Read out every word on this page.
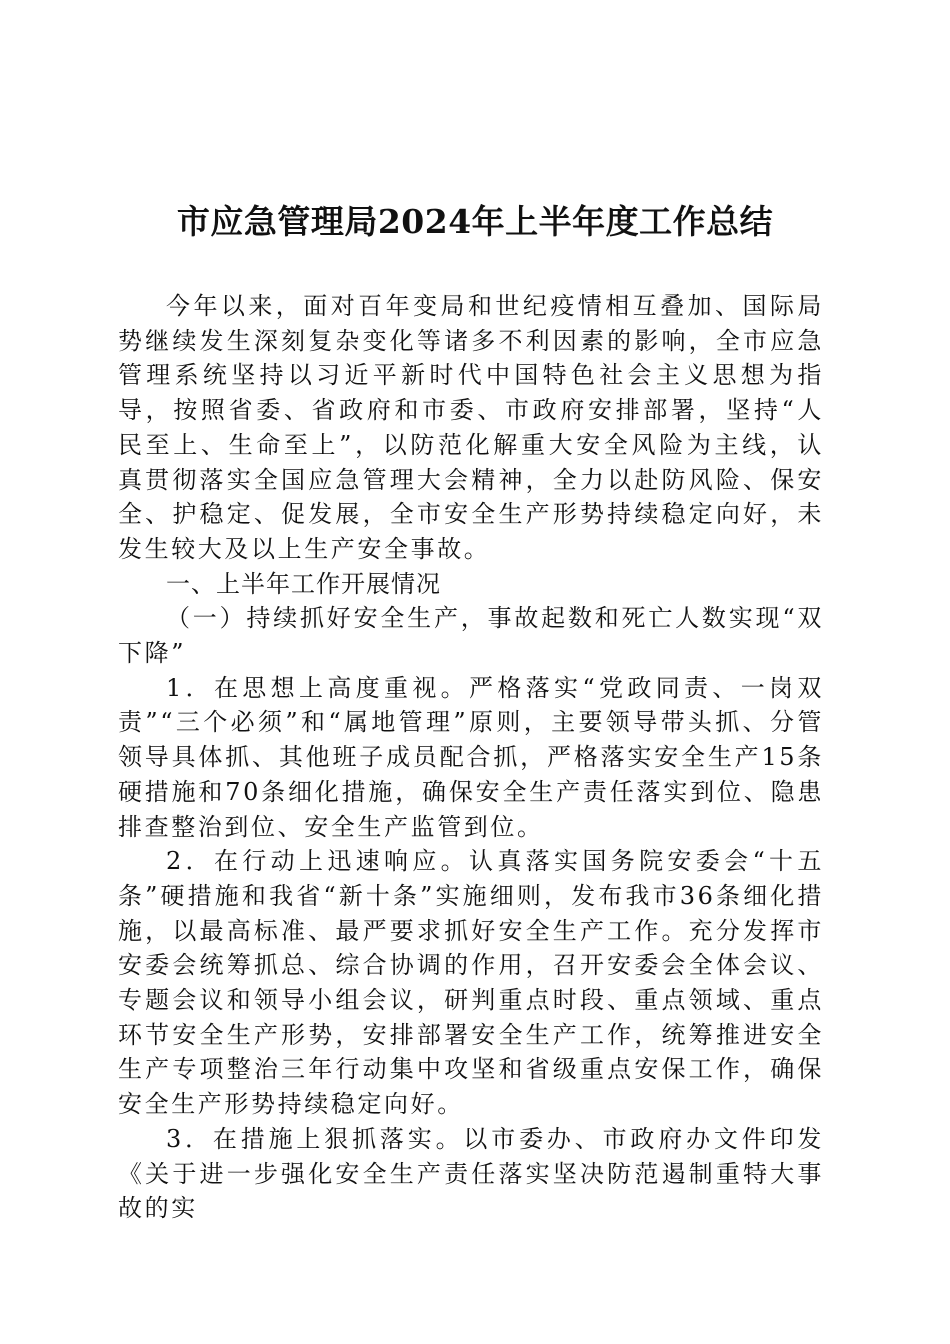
市应急管理局2024年上半年度工作总结

今年以来，面对百年变局和世纪疫情相互叠加、国际局势继续发生深刻复杂变化等诸多不利因素的影响，全市应急管理系统坚持以习近平新时代中国特色社会主义思想为指导，按照省委、省政府和市委、市政府安排部署，坚持“人民至上、生命至上”，以防范化解重大安全风险为主线，认真贯彻落实全国应急管理大会精神，全力以赴防风险、保安全、护稳定、促发展，全市安全生产形势持续稳定向好，未发生较大及以上生产安全事故。

一、上半年工作开展情况

（一）持续抓好安全生产，事故起数和死亡人数实现“双下降”

1．在思想上高度重视。严格落实“党政同责、一岗双责”“三个必须”和“属地管理”原则，主要领导带头抓、分管领导具体抓、其他班子成员配合抓，严格落实安全生产15条硬措施和70条细化措施，确保安全生产责任落实到位、隐患排查整治到位、安全生产监管到位。

2．在行动上迅速响应。认真落实国务院安委会“十五条”硬措施和我省“新十条”实施细则，发布我市36条细化措施，以最高标准、最严要求抓好安全生产工作。充分发挥市安委会统筹抓总、综合协调的作用，召开安委会全体会议、专题会议和领导小组会议，研判重点时段、重点领域、重点环节安全生产形势，安排部署安全生产工作，统筹推进安全生产专项整治三年行动集中攻坚和省级重点安保工作，确保安全生产形势持续稳定向好。

3．在措施上狠抓落实。以市委办、市政府办文件印发《关于进一步强化安全生产责任落实坚决防范遏制重特大事故的实
